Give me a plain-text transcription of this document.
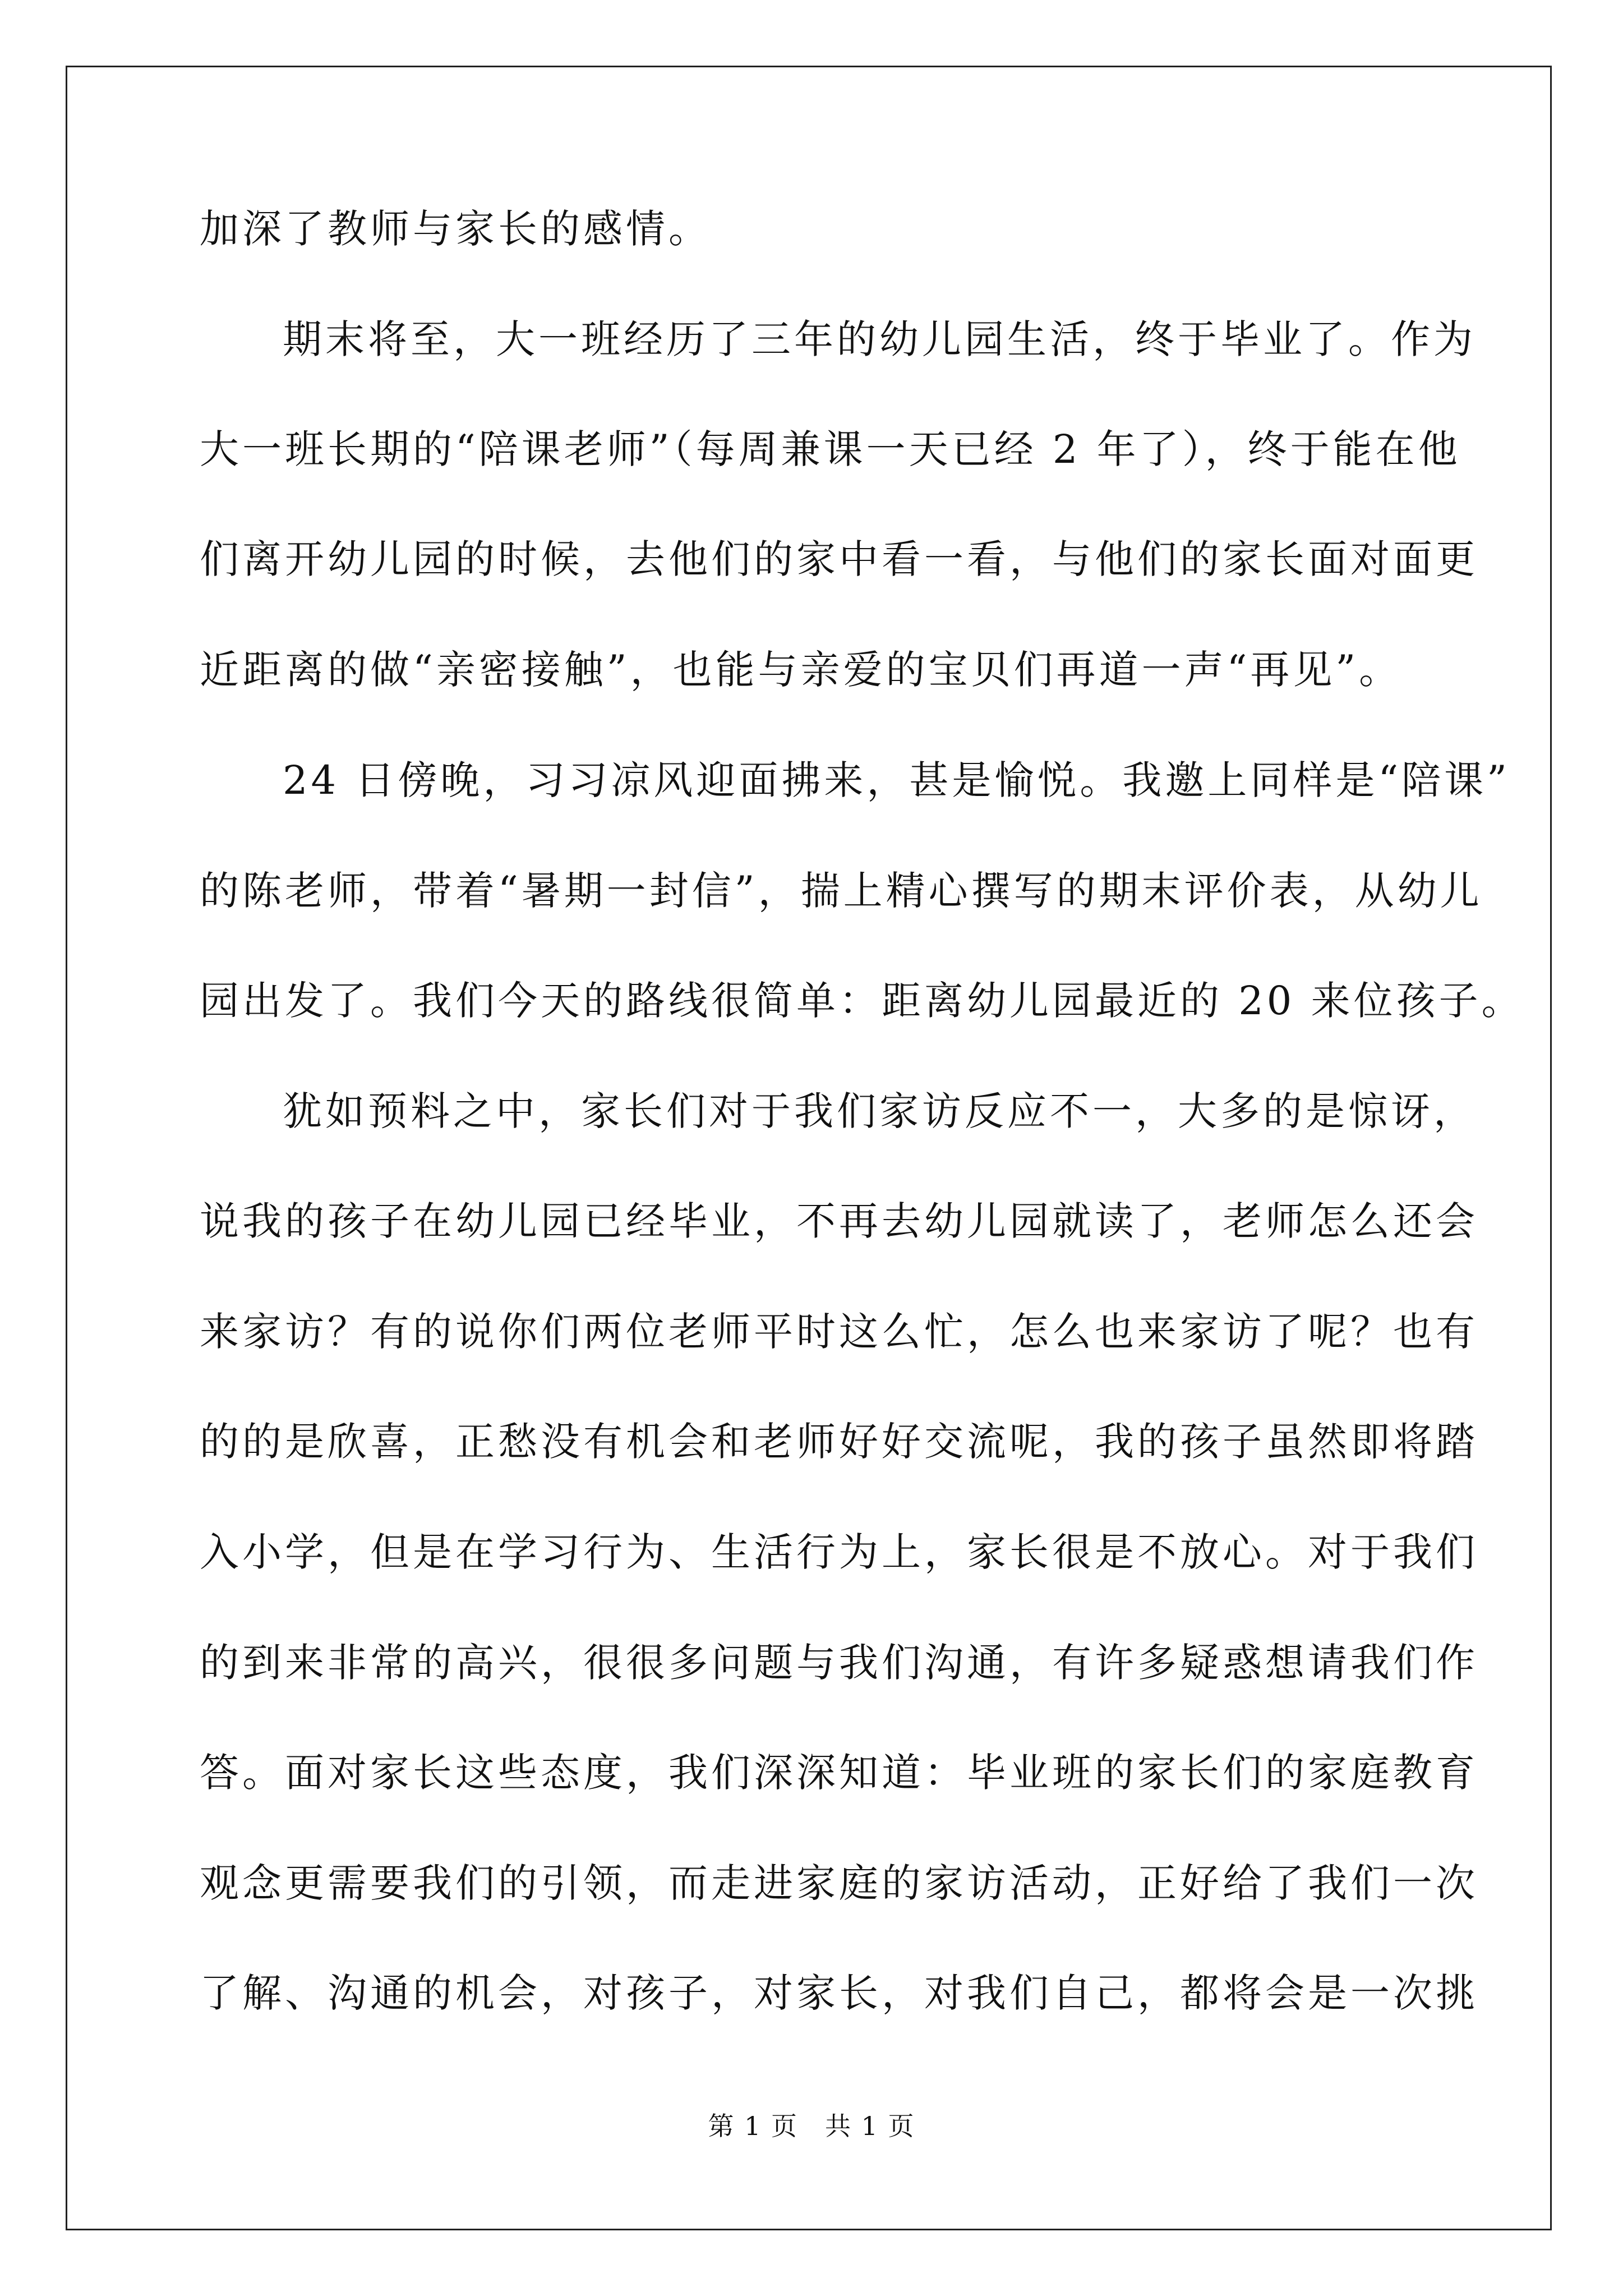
加深了教师与家长的感情。
期末将至，大一班经历了三年的幼儿园生活，终于毕业了。作为
大一班长期的“陪课老师”（每周兼课一天已经 2 年了），终于能在他
们离开幼儿园的时候，去他们的家中看一看，与他们的家长面对面更
近距离的做“亲密接触”，也能与亲爱的宝贝们再道一声“再见”。
24 日傍晚，习习凉风迎面拂来，甚是愉悦。我邀上同样是“陪课”
的陈老师，带着“暑期一封信”，揣上精心撰写的期末评价表，从幼儿
园出发了。我们今天的路线很简单：距离幼儿园最近的 20 来位孩子。
犹如预料之中，家长们对于我们家访反应不一，大多的是惊讶，
说我的孩子在幼儿园已经毕业，不再去幼儿园就读了，老师怎么还会
来家访？有的说你们两位老师平时这么忙，怎么也来家访了呢？也有
的的是欣喜，正愁没有机会和老师好好交流呢，我的孩子虽然即将踏
入小学，但是在学习行为、生活行为上，家长很是不放心。对于我们
的到来非常的高兴，很很多问题与我们沟通，有许多疑惑想请我们作
答。面对家长这些态度，我们深深知道：毕业班的家长们的家庭教育
观念更需要我们的引领，而走进家庭的家访活动，正好给了我们一次
了解、沟通的机会，对孩子，对家长，对我们自己，都将会是一次挑
第 1 页　共 1 页
